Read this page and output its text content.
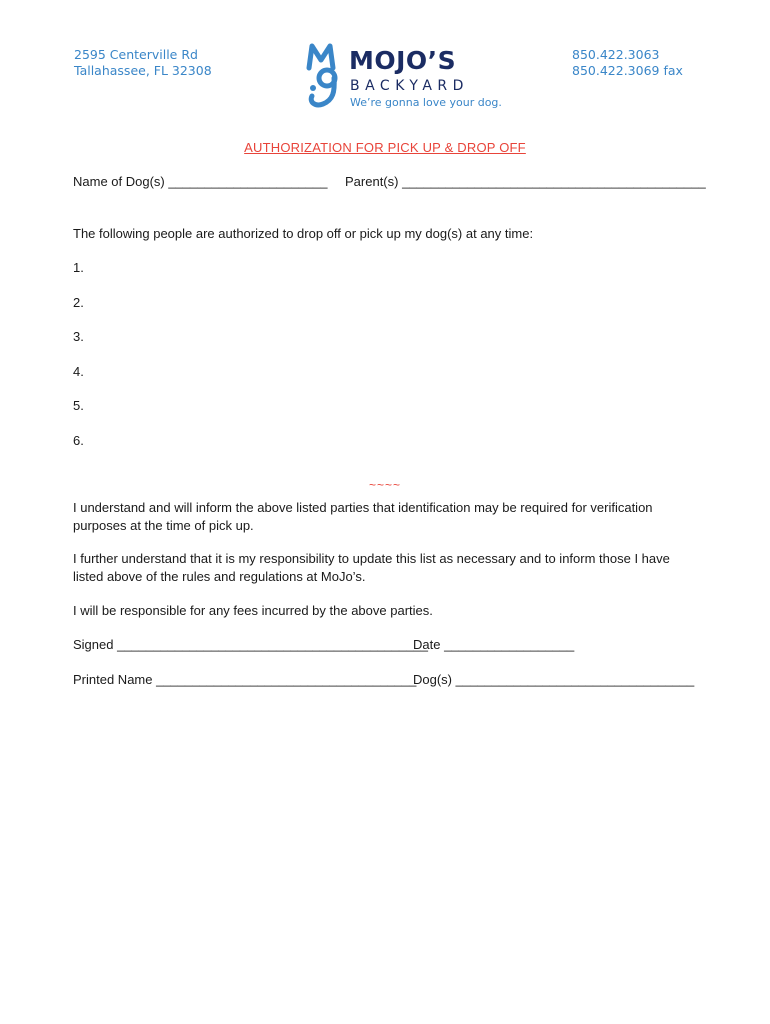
2595 Centerville Rd
Tallahassee, FL 32308	MOJO’S
BACKYARD
We’re gonna love your dog.
850.422.3063
850.422.3069 fax
AUTHORIZATION FOR PICK UP & DROP OFF
Name of Dog(s) ______________________ Parent(s) __________________________________________
The following people are authorized to drop off or pick up my dog(s) at any time:
1.
2.
3.
4.
5.
6.
~~~~
I understand and will inform the above listed parties that identification may be required for verification purposes at the time of pick up.
I further understand that it is my responsibility to update this list as necessary and to inform those I have listed above of the rules and regulations at MoJo’s.
I will be responsible for any fees incurred by the above parties.
Signed ___________________________________________
Date __________________
Printed Name ____________________________________
Dog(s) _________________________________
